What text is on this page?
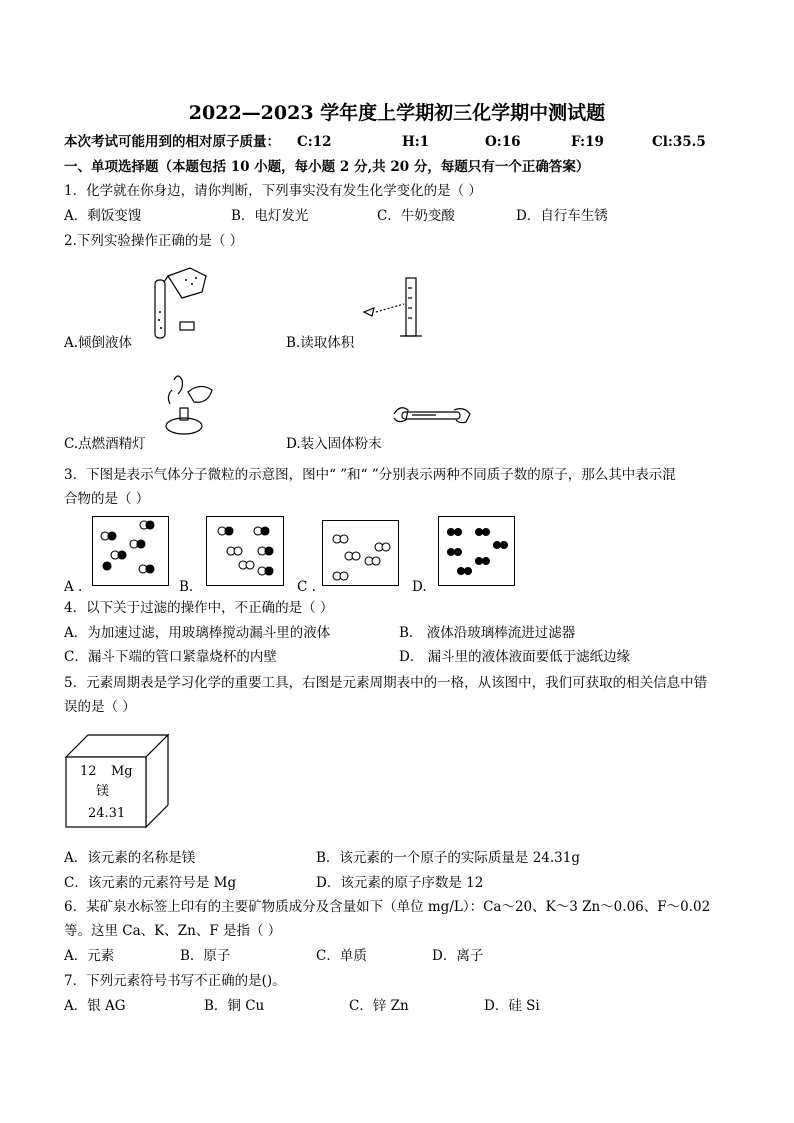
2022—2023 学年度上学期初三化学期中测试题
本次考试可能用到的相对原子质量： C:12	H:1	O:16	F:19	Cl:35.5
一、单项选择题（本题包括 10 小题，每小题 2 分,共 20 分，每题只有一个正确答案）
1．化学就在你身边，请你判断，下列事实没有发生化学变化的是（ ）
A．剩饭变馊	B．电灯发光	C．牛奶变酸	D．自行车生锈
2.下列实验操作正确的是（ ）
A.倾倒液体	B.读取体积
C.点燃酒精灯	D.装入固体粉末
3．下图是表示气体分子微粒的示意图，图中“ ”和“ ”分别表示两种不同质子数的原子，那么其中表示混
合物的是（ ）
A .	B.	C .	D.
4．以下关于过滤的操作中，不正确的是（ ）
A．为加速过滤，用玻璃棒搅动漏斗里的液体	B． 液体沿玻璃棒流进过滤器
C．漏斗下端的管口紧靠烧杯的内壁	D． 漏斗里的液体液面要低于滤纸边缘
5．元素周期表是学习化学的重要工具，右图是元素周期表中的一格，从该图中，我们可获取的相关信息中错
误的是（ ）
12 Mg
镁
24.31
A．该元素的名称是镁	B．该元素的一个原子的实际质量是 24.31g
C．该元素的元素符号是 Mg	D．该元素的原子序数是 12
6．某矿泉水标签上印有的主要矿物质成分及含量如下（单位 mg/L）：Ca～20、K～3 Zn～0.06、F～0.02
等。这里 Ca、K、Zn、F 是指（ ）
A．元素	B．原子	C．单质	D．离子
7．下列元素符号书写不正确的是()。
A．银 AG	B．铜 Cu	C．锌 Zn	D．硅 Si
